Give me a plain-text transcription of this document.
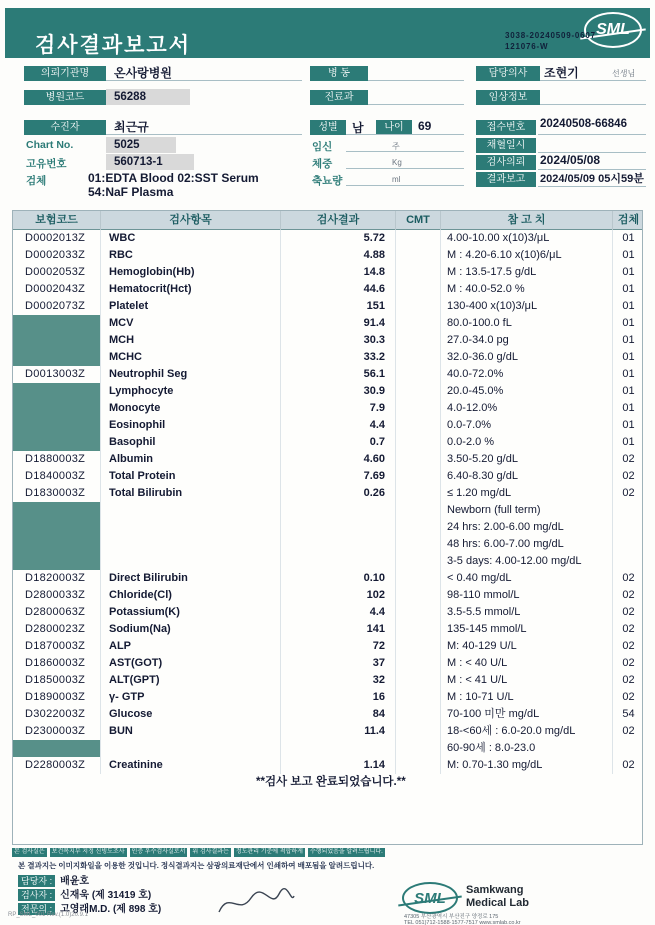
검사결과보고서
SML
3038-20240509-0607
121076-W
의뢰기관명	온사랑병원	병 동	담당의사	조현기	선생님
병원코드	56288	진료과	임상정보
수진자	최근규	성별	남	나이	69	접수번호	20240508-66846
Chart No.	5025	임신	주	채혈일시
고유번호	560713-1	체중	Kg	검사의뢰	2024/05/08
검체	01:EDTA Blood 02:SST Serum
54:NaF Plasma
축뇨량	ml	결과보고	2024/05/09 05시59분
보험코드	검사항목	검사결과	CMT	참 고 치	검체
D0002013Z	WBC	5.72	4.00-10.00 x(10)3/μL	01
D0002033Z	RBC	4.88	M : 4.20-6.10 x(10)6/μL	01
D0002053Z	Hemoglobin(Hb)	14.8	M : 13.5-17.5 g/dL	01
D0002043Z	Hematocrit(Hct)	44.6	M : 40.0-52.0 %	01
D0002073Z	Platelet	151	130-400 x(10)3/μL	01
MCV	91.4	80.0-100.0 fL	01
MCH	30.3	27.0-34.0 pg	01
MCHC	33.2	32.0-36.0 g/dL	01
D0013003Z	Neutrophil Seg	56.1	40.0-72.0%	01
Lymphocyte	30.9	20.0-45.0%	01
Monocyte	7.9	4.0-12.0%	01
Eosinophil	4.4	0.0-7.0%	01
Basophil	0.7	0.0-2.0 %	01
D1880003Z	Albumin	4.60	3.50-5.20 g/dL	02
D1840003Z	Total Protein	7.69	6.40-8.30 g/dL	02
D1830003Z	Total Bilirubin	0.26	≤ 1.20 mg/dL	02
Newborn (full term)
24 hrs: 2.00-6.00 mg/dL
48 hrs: 6.00-7.00 mg/dL
3-5 days: 4.00-12.00 mg/dL
D1820003Z	Direct Bilirubin	0.10	< 0.40 mg/dL	02
D2800033Z	Chloride(Cl)	102	98-110 mmol/L	02
D2800063Z	Potassium(K)	4.4	3.5-5.5 mmol/L	02
D2800023Z	Sodium(Na)	141	135-145 mmol/L	02
D1870003Z	ALP	72	M: 40-129 U/L	02
D1860003Z	AST(GOT)	37	M : < 40 U/L	02
D1850003Z	ALT(GPT)	32	M : < 41 U/L	02
D1890003Z	γ- GTP	16	M : 10-71 U/L	02
D3022003Z	Glucose	84	70-100 미만 mg/dL	54
D2300003Z	BUN	11.4	18-<60세 : 6.0-20.0 mg/dL	02
60-90세 : 8.0-23.0
D2280003Z	Creatinine	1.14	M: 0.70-1.30 mg/dL	02
**검사 보고 완료되었습니다.**
본 검사실은 보건복지부 지정 신빙도조사 인증 우수검사실로서 위 검사결과는 정도관리 기준에 적합하게 수행되었음을 알려드립니다.
본 결과지는 이미지화일을 이용한 것입니다. 정식결과지는 삼광의료재단에서 인쇄하여 배포됨을 알려드립니다.
담당자 : 배윤호
검사자 : 신재욱 (제 31419 호)
전문의 : 고영래M.D. (제 898 호)
SML Samkwang
Medical Lab
47305 부산광역시 부산진구 양정로 175
TEL 051)712-1588·1577-7517 www.smlab.co.kr
RP_SML_001 Rev.(1.0)20.9.1
